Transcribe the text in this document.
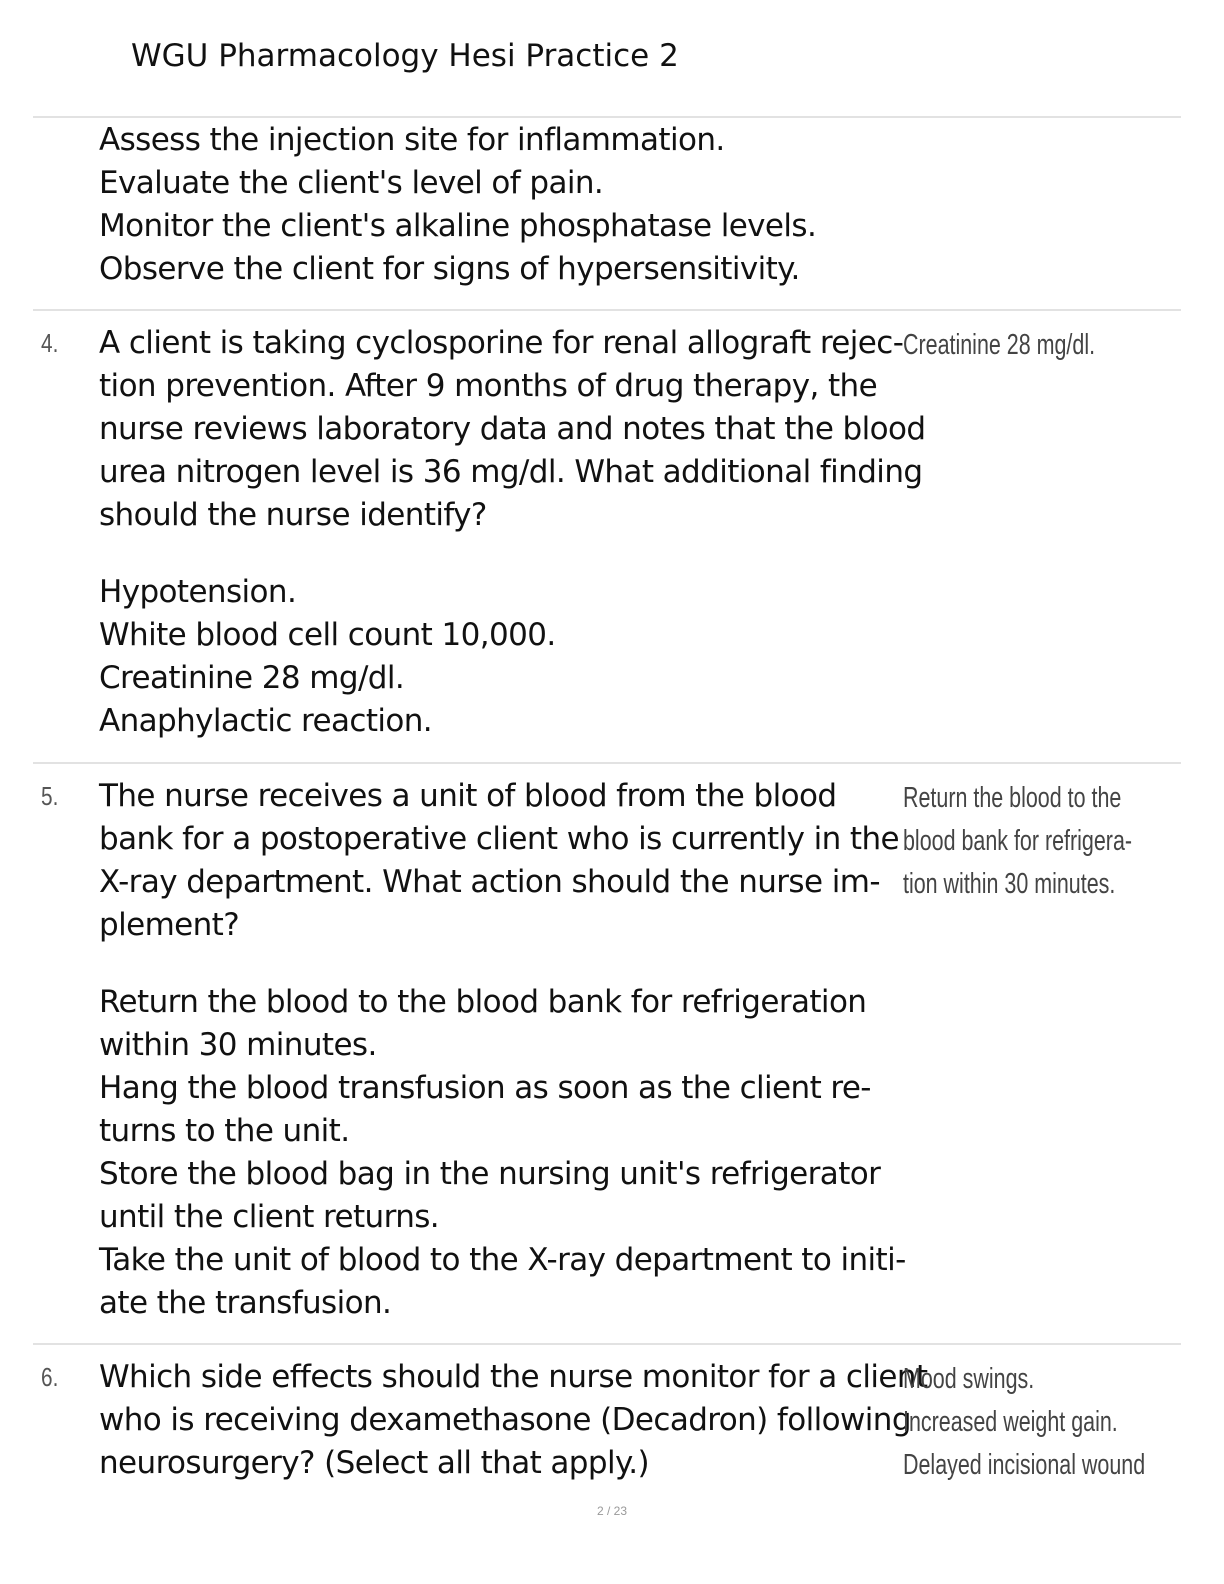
WGU Pharmacology Hesi Practice 2
Assess the injection site for inflammation.
Evaluate the client's level of pain.
Monitor the client's alkaline phosphatase levels.
Observe the client for signs of hypersensitivity.
4. A client is taking cyclosporine for renal allograft rejec-
tion prevention. After 9 months of drug therapy, the
nurse reviews laboratory data and notes that the blood
urea nitrogen level is 36 mg/dl. What additional finding
should the nurse identify?
Hypotension.
White blood cell count 10,000.
Creatinine 28 mg/dl.
Anaphylactic reaction.
Creatinine 28 mg/dl.
5. The nurse receives a unit of blood from the blood
bank for a postoperative client who is currently in the
X-ray department. What action should the nurse im-
plement?
Return the blood to the blood bank for refrigeration
within 30 minutes.
Hang the blood transfusion as soon as the client re-
turns to the unit.
Store the blood bag in the nursing unit's refrigerator
until the client returns.
Take the unit of blood to the X-ray department to initi-
ate the transfusion.
Return the blood to the
blood bank for refrigera-
tion within 30 minutes.
6. Which side effects should the nurse monitor for a client
who is receiving dexamethasone (Decadron) following
neurosurgery? (Select all that apply.)
Mood swings.
Increased weight gain.
Delayed incisional wound
2 / 23
